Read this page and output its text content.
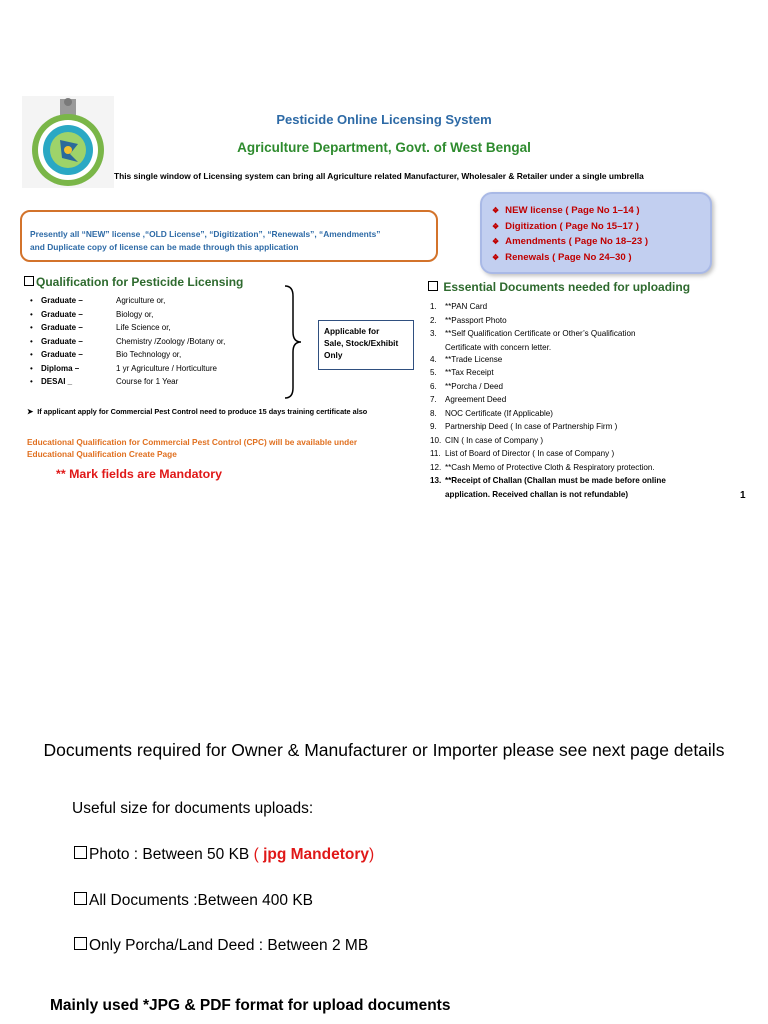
Pesticide Online Licensing System
Agriculture Department, Govt. of West Bengal
This single window of Licensing system can bring all Agriculture related Manufacturer, Wholesaler & Retailer under a single umbrella
Presently all “NEW” license ,“OLD License”, “Digitization”, “Renewals”, “Amendments”
and Duplicate copy of license can be made through this application
❖ NEW license ( Page No 1–14 )
❖ Digitization ( Page No 15–17 )
❖ Amendments ( Page No 18–23 )
❖ Renewals ( Page No 24–30 )
Qualification for Pesticide Licensing
• Graduate –	Agriculture or,
• Graduate –	Biology or,
• Graduate –	Life Science or,
• Graduate –	Chemistry /Zoology /Botany or,
• Graduate –	Bio Technology or,
• Diploma –	1 yr Agriculture / Horticulture
• DESAI _	Course for 1 Year
Applicable for
Sale, Stock/Exhibit
Only
➤ If applicant apply for Commercial Pest Control need to produce 15 days training certificate also
Educational Qualification for Commercial Pest Control (CPC) will be available under
Educational Qualification Create Page
** Mark fields are Mandatory
Essential Documents needed for uploading
1. **PAN Card
2. **Passport Photo
3. **Self Qualification Certificate or Other’s Qualification
Certificate with concern letter.
4. **Trade License
5. **Tax Receipt
6. **Porcha / Deed
7. Agreement Deed
8. NOC Certificate (If Applicable)
9. Partnership Deed ( In case of Partnership Firm )
10. CIN ( In case of Company )
11. List of Board of Director ( In case of Company )
12. **Cash Memo of Protective Cloth & Respiratory protection.
13. **Receipt of Challan (Challan must be made before online
application. Received challan is not refundable)	1
Documents required for Owner & Manufacturer or Importer please see next page details
Useful size for documents uploads:
Photo : Between 50 KB ( jpg Mandetory)
All Documents :Between 400 KB
Only Porcha/Land Deed : Between 2 MB
Mainly used *JPG & PDF format for upload documents
